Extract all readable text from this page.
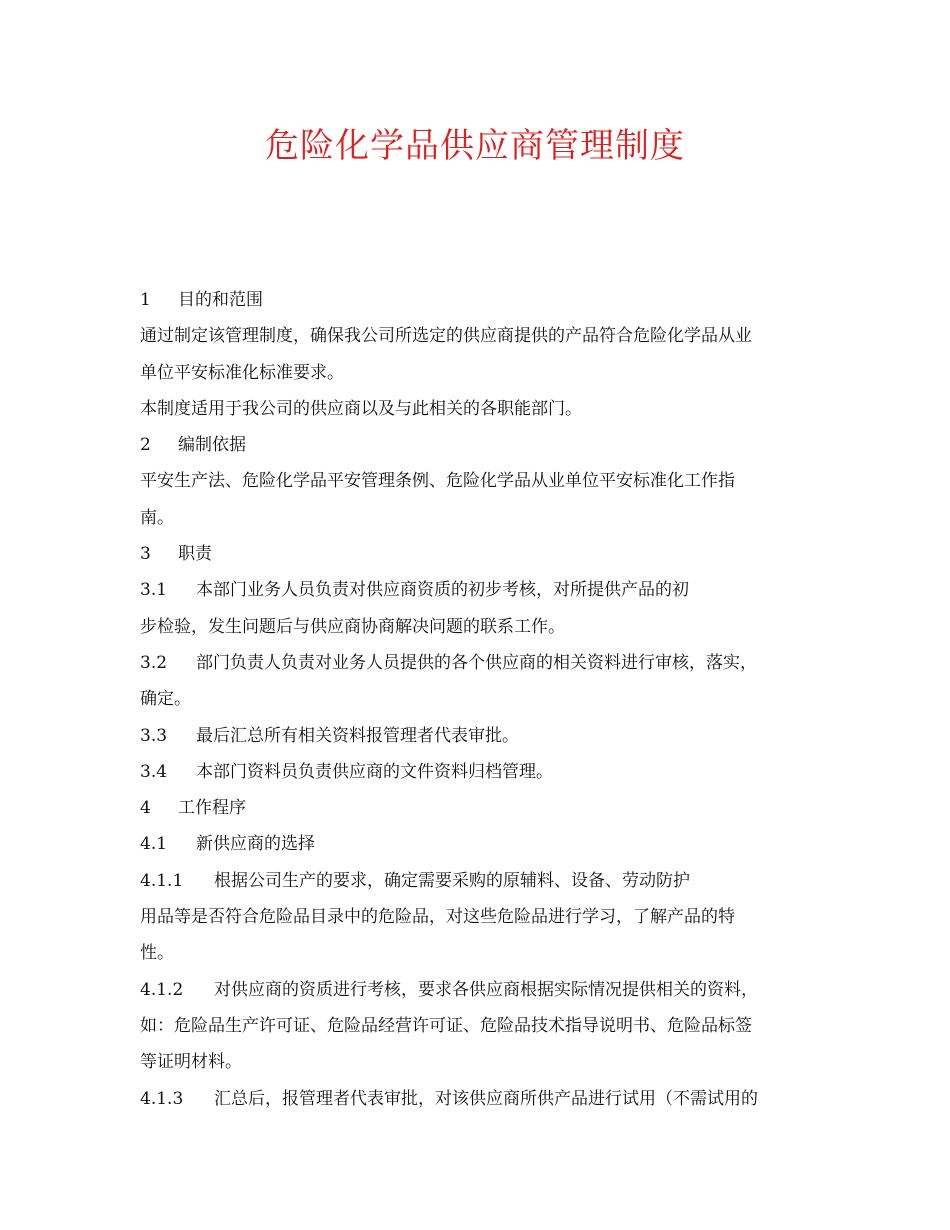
危险化学品供应商管理制度
1 目的和范围
通过制定该管理制度，确保我公司所选定的供应商提供的产品符合危险化学品从业
单位平安标准化标准要求。
本制度适用于我公司的供应商以及与此相关的各职能部门。
2 编制依据
平安生产法、危险化学品平安管理条例、危险化学品从业单位平安标准化工作指
南。
3 职责
3.1 本部门业务人员负责对供应商资质的初步考核，对所提供产品的初
步检验，发生问题后与供应商协商解决问题的联系工作。
3.2 部门负责人负责对业务人员提供的各个供应商的相关资料进行审核，落实，
确定。
3.3 最后汇总所有相关资料报管理者代表审批。
3.4 本部门资料员负责供应商的文件资料归档管理。
4 工作程序
4.1 新供应商的选择
4.1.1 根据公司生产的要求，确定需要采购的原辅料、设备、劳动防护
用品等是否符合危险品目录中的危险品，对这些危险品进行学习，了解产品的特
性。
4.1.2 对供应商的资质进行考核，要求各供应商根据实际情况提供相关的资料，
如：危险品生产许可证、危险品经营许可证、危险品技术指导说明书、危险品标签
等证明材料。
4.1.3 汇总后，报管理者代表审批，对该供应商所供产品进行试用（不需试用的
